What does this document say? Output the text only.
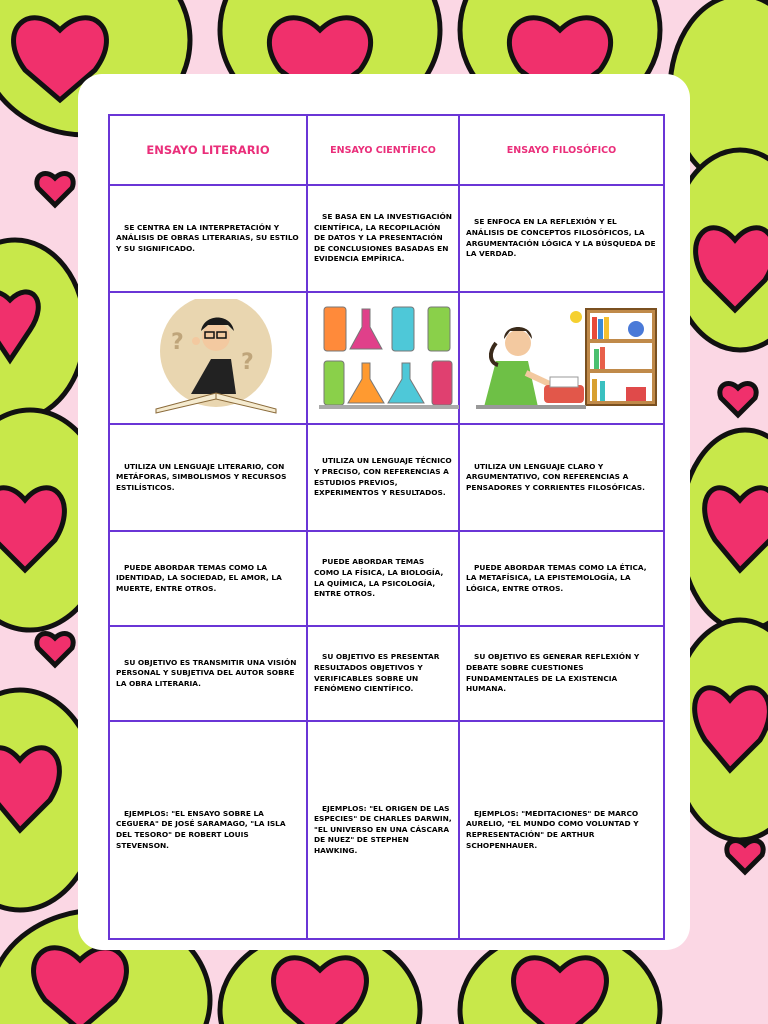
ENSAYO LITERARIO	ENSAYO CIENTÍFICO	ENSAYO FILOSÓFICO

SE CENTRA EN LA INTERPRETACIÓN Y ANÁLISIS DE OBRAS LITERARIAS, SU ESTILO Y SU SIGNIFICADO.	SE BASA EN LA INVESTIGACIÓN CIENTÍFICA, LA RECOPILACIÓN DE DATOS Y LA PRESENTACIÓN DE CONCLUSIONES BASADAS EN EVIDENCIA EMPÍRICA.	SE ENFOCA EN LA REFLEXIÓN Y EL ANÁLISIS DE CONCEPTOS FILOSÓFICOS, LA ARGUMENTACIÓN LÓGICA Y LA BÚSQUEDA DE LA VERDAD.

?
?

UTILIZA UN LENGUAJE LITERARIO, CON METÁFORAS, SIMBOLISMOS Y RECURSOS ESTILÍSTICOS.	UTILIZA UN LENGUAJE TÉCNICO Y PRECISO, CON REFERENCIAS A ESTUDIOS PREVIOS, EXPERIMENTOS Y RESULTADOS.	UTILIZA UN LENGUAJE CLARO Y ARGUMENTATIVO, CON REFERENCIAS A PENSADORES Y CORRIENTES FILOSÓFICAS.

PUEDE ABORDAR TEMAS COMO LA IDENTIDAD, LA SOCIEDAD, EL AMOR, LA MUERTE, ENTRE OTROS.	PUEDE ABORDAR TEMAS COMO LA FÍSICA, LA BIOLOGÍA, LA QUÍMICA, LA PSICOLOGÍA, ENTRE OTROS.	PUEDE ABORDAR TEMAS COMO LA ÉTICA, LA METAFÍSICA, LA EPISTEMOLOGÍA, LA LÓGICA, ENTRE OTROS.

SU OBJETIVO ES TRANSMITIR UNA VISIÓN PERSONAL Y SUBJETIVA DEL AUTOR SOBRE LA OBRA LITERARIA.	SU OBJETIVO ES PRESENTAR RESULTADOS OBJETIVOS Y VERIFICABLES SOBRE UN FENÓMENO CIENTÍFICO.	SU OBJETIVO ES GENERAR REFLEXIÓN Y DEBATE SOBRE CUESTIONES FUNDAMENTALES DE LA EXISTENCIA HUMANA.

EJEMPLOS: "EL ENSAYO SOBRE LA CEGUERA" DE JOSÉ SARAMAGO, "LA ISLA DEL TESORO" DE ROBERT LOUIS STEVENSON.	EJEMPLOS: "EL ORIGEN DE LAS ESPECIES" DE CHARLES DARWIN, "EL UNIVERSO EN UNA CÁSCARA DE NUEZ" DE STEPHEN HAWKING.	EJEMPLOS: "MEDITACIONES" DE MARCO AURELIO, "EL MUNDO COMO VOLUNTAD Y REPRESENTACIÓN" DE ARTHUR SCHOPENHAUER.
